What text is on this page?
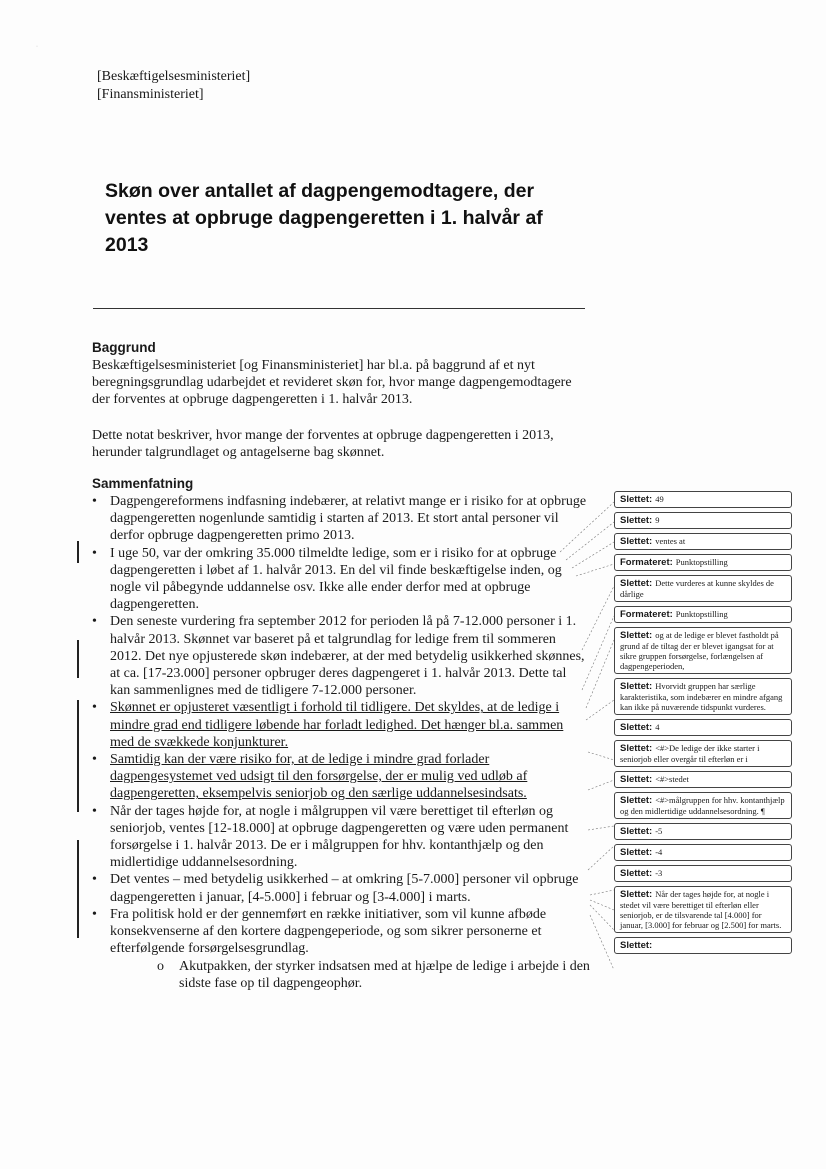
·
[Beskæftigelsesministeriet]
[Finansministeriet]
Skøn over antallet af dagpengemodtagere, der ventes at opbruge dagpengeretten i 1. halvår af 2013
Baggrund
Beskæftigelsesministeriet [og Finansministeriet] har bl.a. på baggrund af et nyt beregningsgrundlag udarbejdet et revideret skøn for, hvor mange dagpengemodtagere der forventes at opbruge dagpengeretten i 1. halvår 2013.
Dette notat beskriver, hvor mange der forventes at opbruge dagpengeretten i 2013, herunder talgrundlaget og antagelserne bag skønnet.
Sammenfatning
• Dagpengereformens indfasning indebærer, at relativt mange er i risiko for at opbruge dagpengeretten nogenlunde samtidig i starten af 2013. Et stort antal personer vil derfor opbruge dagpengeretten primo 2013.
• I uge 50, var der omkring 35.000 tilmeldte ledige, som er i risiko for at opbruge dagpengeretten i løbet af 1. halvår 2013. En del vil finde beskæftigelse inden, og nogle vil påbegynde uddannelse osv. Ikke alle ender derfor med at opbruge dagpengeretten.
• Den seneste vurdering fra september 2012 for perioden lå på 7-12.000 personer i 1. halvår 2013. Skønnet var baseret på et talgrundlag for ledige frem til sommeren 2012. Det nye opjusterede skøn indebærer, at der med betydelig usikkerhed skønnes, at ca. [17-23.000] personer opbruger deres dagpengeret i 1. halvår 2013. Dette tal kan sammenlignes med de tidligere 7-12.000 personer.
• Skønnet er opjusteret væsentligt i forhold til tidligere. Det skyldes, at de ledige i mindre grad end tidligere løbende har forladt ledighed. Det hænger bl.a. sammen med de svækkede konjunkturer.
• Samtidig kan der være risiko for, at de ledige i mindre grad forlader dagpengesystemet ved udsigt til den forsørgelse, der er mulig ved udløb af dagpengeretten, eksempelvis seniorjob og den særlige uddannelsesindsats.
• Når der tages højde for, at nogle i målgruppen vil være berettiget til efterløn og seniorjob, ventes [12-18.000] at opbruge dagpengeretten og være uden permanent forsørgelse i 1. halvår 2013. De er i målgruppen for hhv. kontanthjælp og den midlertidige uddannelsesordning.
• Det ventes – med betydelig usikkerhed – at omkring [5-7.000] personer vil opbruge dagpengeretten i januar, [4-5.000] i februar og [3-4.000] i marts.
• Fra politisk hold er der gennemført en række initiativer, som vil kunne afbøde konsekvenserne af den kortere dagpengeperiode, og som sikrer personerne et efterfølgende forsørgelsesgrundlag.
o Akutpakken, der styrker indsatsen med at hjælpe de ledige i arbejde i den sidste fase op til dagpengeophør.
Slettet: 49
Slettet: 9
Slettet: ventes at
Formateret: Punktopstilling
Slettet: Dette vurderes at kunne skyldes de dårlige
Formateret: Punktopstilling
Slettet: og at de ledige er blevet fastholdt på grund af de tiltag der er blevet igangsat for at sikre gruppen forsørgelse, forlængelsen af dagpengeperioden,
Slettet: Hvorvidt gruppen har særlige karakteristika, som indebærer en mindre afgang kan ikke på nuværende tidspunkt vurderes.
Slettet: 4
Slettet: <#>De ledige der ikke starter i seniorjob eller overgår til efterløn er i
Slettet: <#>stedet
Slettet: <#>målgruppen for hhv. kontanthjælp og den midlertidige uddannelsesordning. ¶
Slettet: -5
Slettet: -4
Slettet: -3
Slettet: Når der tages højde for, at nogle i stedet vil være berettiget til efterløn eller seniorjob, er de tilsvarende tal [4.000] for januar, [3.000] for februar og [2.500] for marts.
Slettet:
